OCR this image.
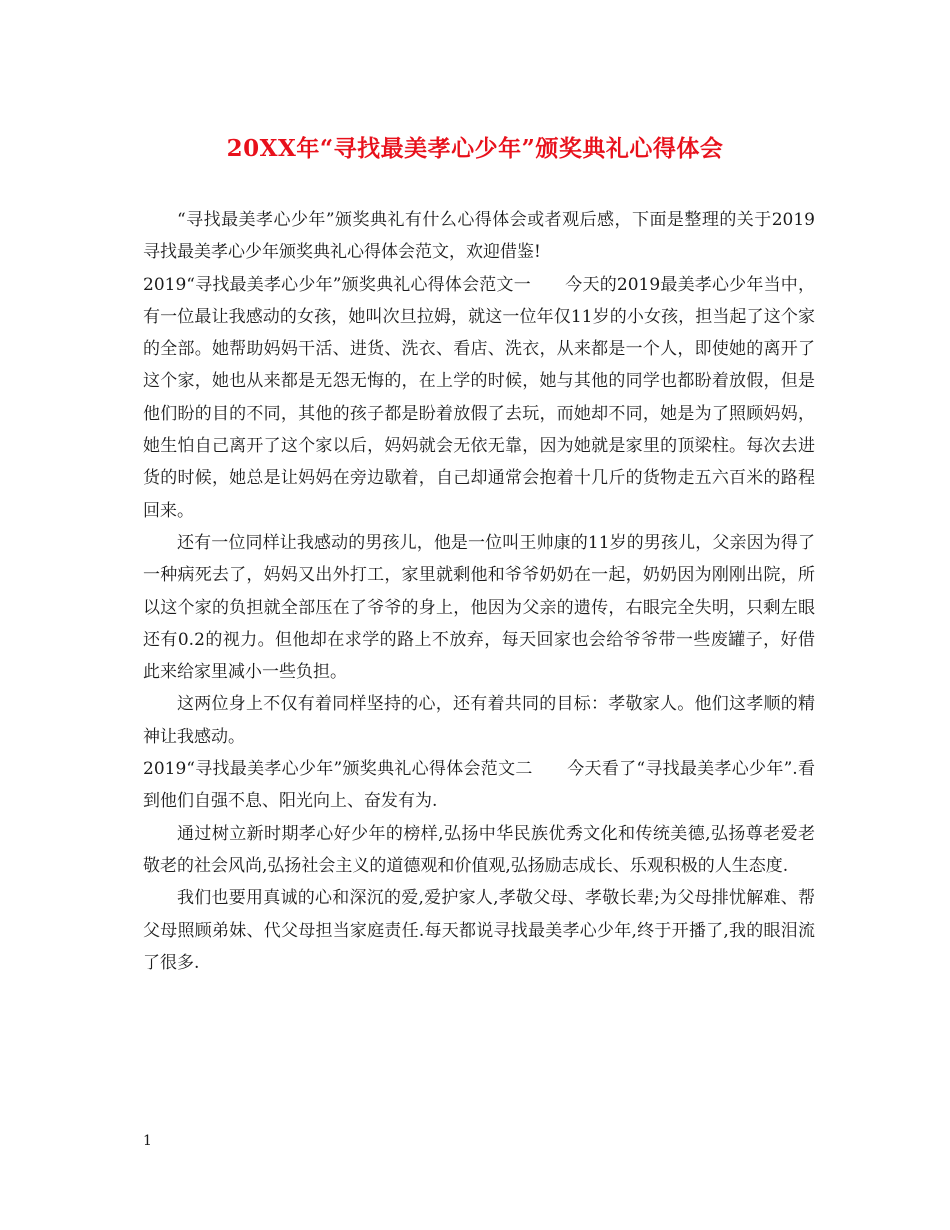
20XX年“寻找最美孝心少年”颁奖典礼心得体会

“寻找最美孝心少年”颁奖典礼有什么心得体会或者观后感，下面是整理的关于2019寻找最美孝心少年颁奖典礼心得体会范文，欢迎借鉴!

2019“寻找最美孝心少年”颁奖典礼心得体会范文一　　今天的2019最美孝心少年当中，有一位最让我感动的女孩，她叫次旦拉姆，就这一位年仅11岁的小女孩，担当起了这个家的全部。她帮助妈妈干活、进货、洗衣、看店、洗衣，从来都是一个人，即使她的离开了这个家，她也从来都是无怨无悔的，在上学的时候，她与其他的同学也都盼着放假，但是他们盼的目的不同，其他的孩子都是盼着放假了去玩，而她却不同，她是为了照顾妈妈，她生怕自己离开了这个家以后，妈妈就会无依无靠，因为她就是家里的顶梁柱。每次去进货的时候，她总是让妈妈在旁边歇着，自己却通常会抱着十几斤的货物走五六百米的路程回来。

还有一位同样让我感动的男孩儿，他是一位叫王帅康的11岁的男孩儿，父亲因为得了一种病死去了，妈妈又出外打工，家里就剩他和爷爷奶奶在一起，奶奶因为刚刚出院，所以这个家的负担就全部压在了爷爷的身上，他因为父亲的遗传，右眼完全失明，只剩左眼还有0.2的视力。但他却在求学的路上不放弃，每天回家也会给爷爷带一些废罐子，好借此来给家里减小一些负担。

这两位身上不仅有着同样坚持的心，还有着共同的目标：孝敬家人。他们这孝顺的精神让我感动。

2019“寻找最美孝心少年”颁奖典礼心得体会范文二　　今天看了“寻找最美孝心少年”.看到他们自强不息、阳光向上、奋发有为.

通过树立新时期孝心好少年的榜样,弘扬中华民族优秀文化和传统美德,弘扬尊老爱老敬老的社会风尚,弘扬社会主义的道德观和价值观,弘扬励志成长、乐观积极的人生态度.

我们也要用真诚的心和深沉的爱,爱护家人,孝敬父母、孝敬长辈;为父母排忧解难、帮父母照顾弟妹、代父母担当家庭责任.每天都说寻找最美孝心少年,终于开播了,我的眼泪流了很多.

1
